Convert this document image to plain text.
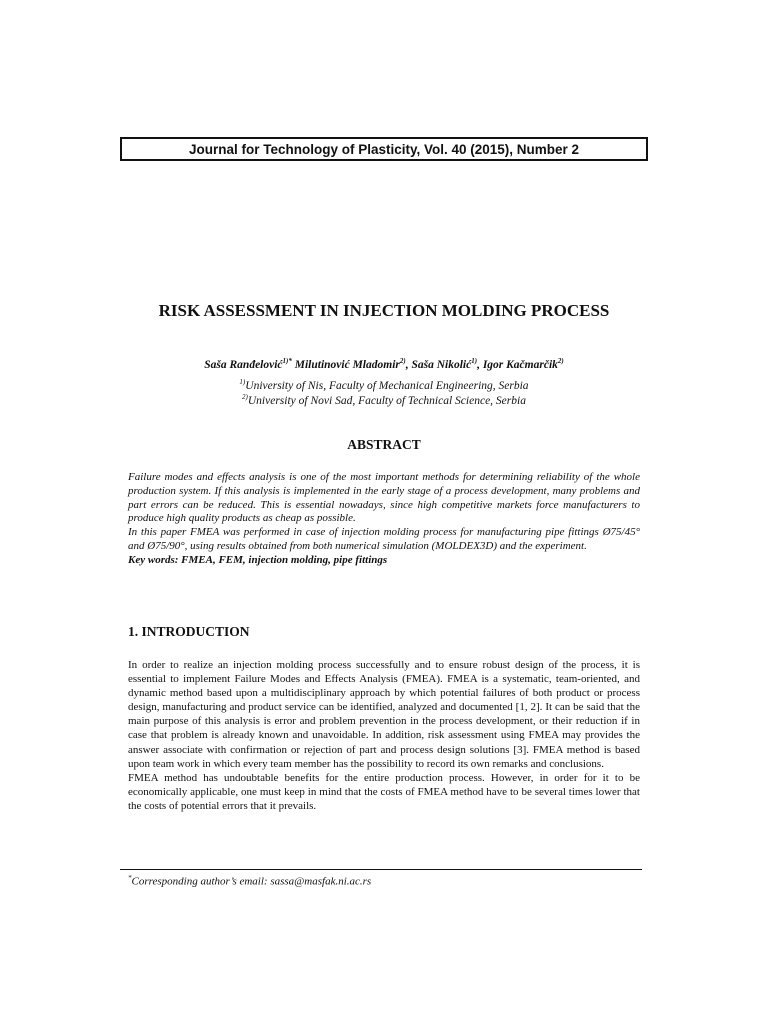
Journal for Technology of Plasticity, Vol. 40 (2015), Number 2
RISK ASSESSMENT IN INJECTION MOLDING PROCESS
Saša Ranđelović$^{1)*}$ Milutinović Mladomir$^{2)}$, Saša Nikolić$^{1)}$, Igor Kačmarčik$^{2)}$
$^{1)}$University of Nis, Faculty of Mechanical Engineering, Serbia
$^{2)}$University of Novi Sad, Faculty of Technical Science, Serbia
ABSTRACT

Failure modes and effects analysis is one of the most important methods for determining reliability of the whole production system. If this analysis is implemented in the early stage of a process development, many problems and part errors can be reduced. This is essential nowadays, since high competitive markets force manufacturers to produce high quality products as cheap as possible.

In this paper FMEA was performed in case of injection molding process for manufacturing pipe fittings Ø75/45° and Ø75/90°, using results obtained from both numerical simulation (MOLDEX3D) and the experiment.

Key words: FMEA, FEM, injection molding, pipe fittings

1. INTRODUCTION

In order to realize an injection molding process successfully and to ensure robust design of the process, it is essential to implement Failure Modes and Effects Analysis (FMEA). FMEA is a systematic, team-oriented, and dynamic method based upon a multidisciplinary approach by which potential failures of both product or process design, manufacturing and product service can be identified, analyzed and documented [1, 2]. It can be said that the main purpose of this analysis is error and problem prevention in the process development, or their reduction if in case that problem is already known and unavoidable. In addition, risk assessment using FMEA may provides the answer associate with confirmation or rejection of part and process design solutions [3]. FMEA method is based upon team work in which every team member has the possibility to record its own remarks and conclusions.

FMEA method has undoubtable benefits for the entire production process. However, in order for it to be economically applicable, one must keep in mind that the costs of FMEA method have to be several times lower that the costs of potential errors that it prevails.

*Corresponding author’s email: sassa@masfak.ni.ac.rs
